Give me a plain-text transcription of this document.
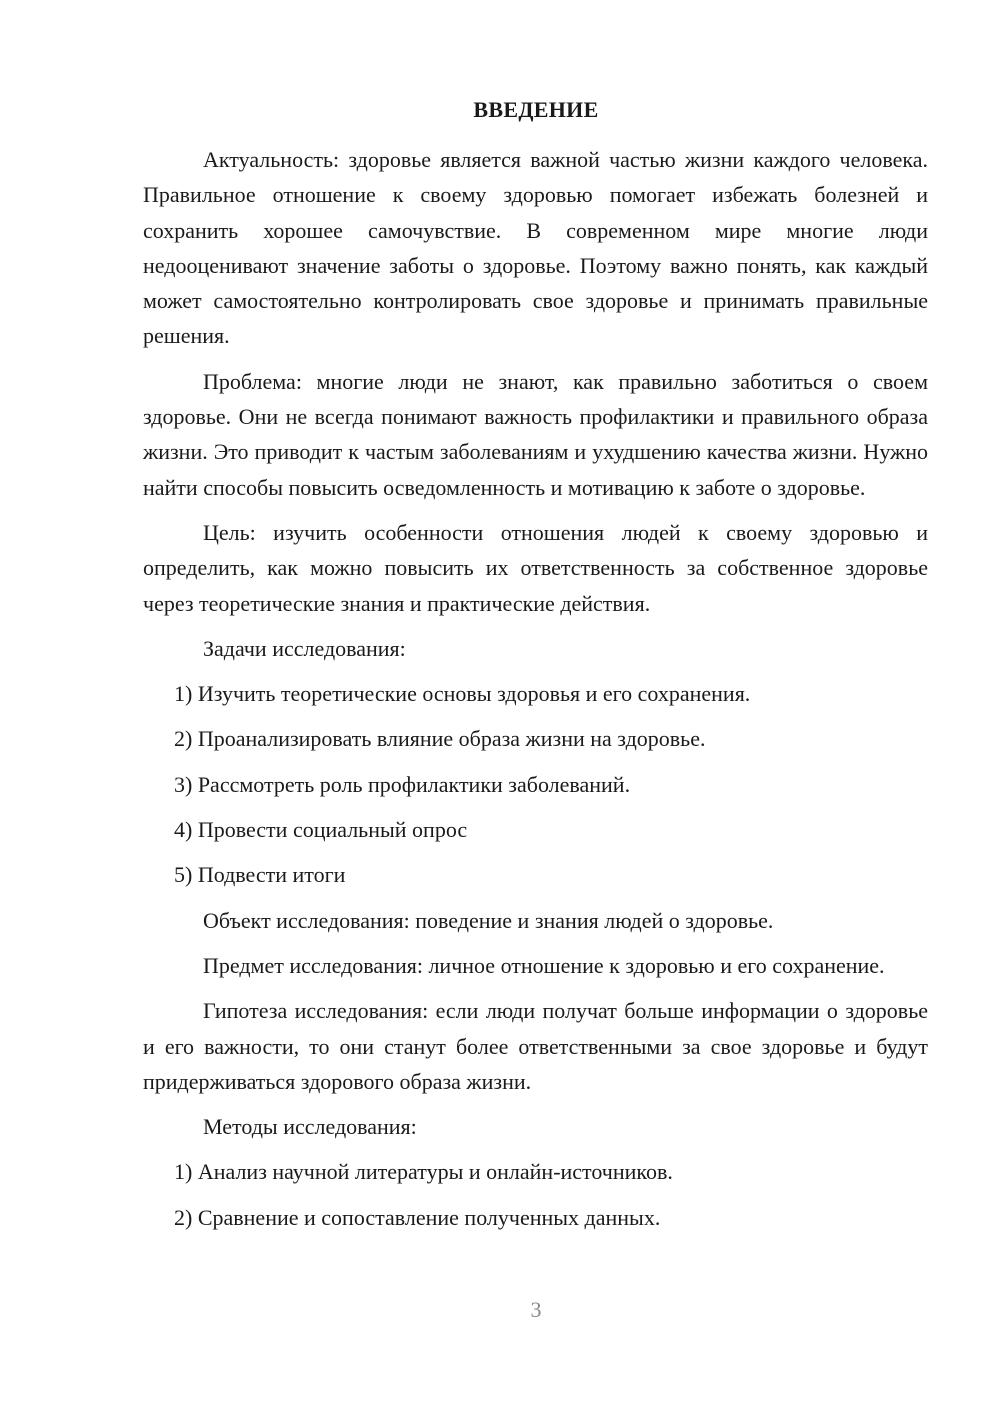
ВВЕДЕНИЕ

Актуальность: здоровье является важной частью жизни каждого человека. Правильное отношение к своему здоровью помогает избежать болезней и сохранить хорошее самочувствие. В современном мире многие люди недооценивают значение заботы о здоровье. Поэтому важно понять, как каждый может самостоятельно контролировать свое здоровье и принимать правильные решения.

Проблема: многие люди не знают, как правильно заботиться о своем здоровье. Они не всегда понимают важность профилактики и правильного образа жизни. Это приводит к частым заболеваниям и ухудшению качества жизни. Нужно найти способы повысить осведомленность и мотивацию к заботе о здоровье.

Цель: изучить особенности отношения людей к своему здоровью и определить, как можно повысить их ответственность за собственное здоровье через теоретические знания и практические действия.

Задачи исследования:

1) Изучить теоретические основы здоровья и его сохранения.

2) Проанализировать влияние образа жизни на здоровье.

3) Рассмотреть роль профилактики заболеваний.

4) Провести социальный опрос

5) Подвести итоги

Объект исследования: поведение и знания людей о здоровье.

Предмет исследования: личное отношение к здоровью и его сохранение.

Гипотеза исследования: если люди получат больше информации о здоровье и его важности, то они станут более ответственными за свое здоровье и будут придерживаться здорового образа жизни.

Методы исследования:

1) Анализ научной литературы и онлайн-источников.

2) Сравнение и сопоставление полученных данных.

3
